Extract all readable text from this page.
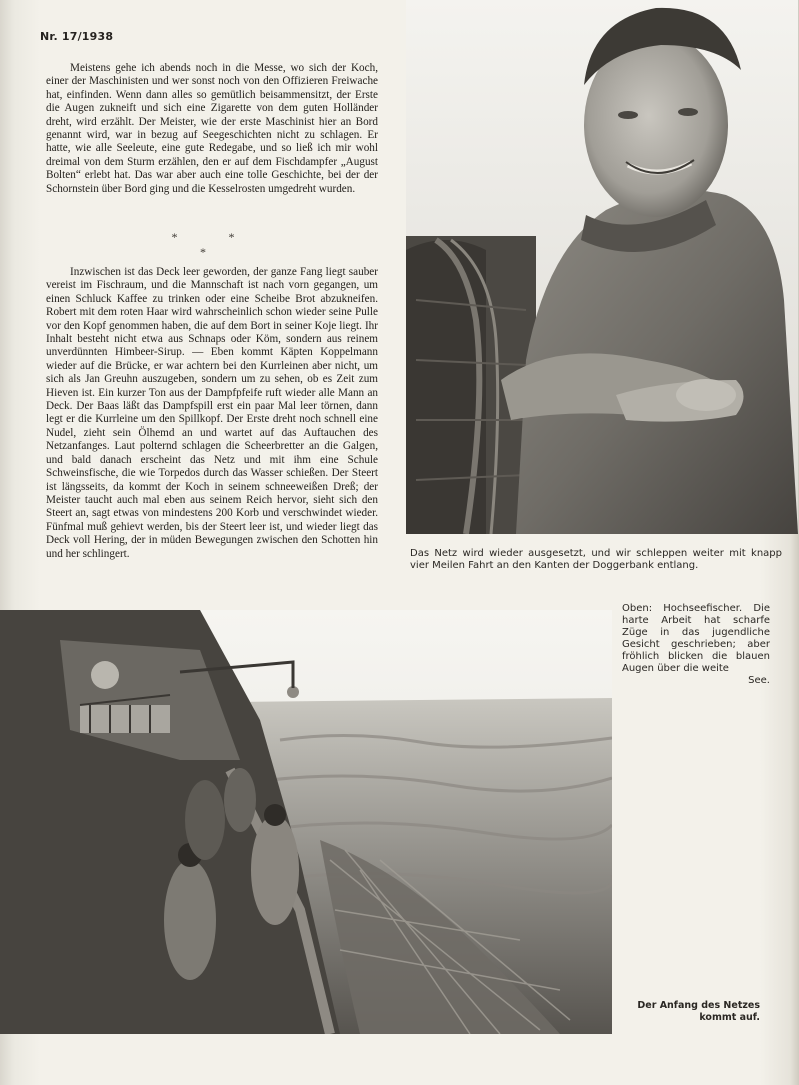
Nr. 17/1938

Meistens gehe ich abends noch in die Messe, wo sich der Koch, einer der Maschinisten und wer sonst noch von den Offizieren Freiwache hat, einfinden. Wenn dann alles so gemütlich beisammensitzt, der Erste die Augen zukneift und sich eine Zigarette von dem guten Holländer dreht, wird erzählt. Der Meister, wie der erste Maschinist hier an Bord genannt wird, war in bezug auf Seegeschichten nicht zu schlagen. Er hatte, wie alle Seeleute, eine gute Redegabe, und so ließ ich mir wohl dreimal von dem Sturm erzählen, den er auf dem Fischdampfer „August Bolten“ erlebt hat. Das war aber auch eine tolle Geschichte, bei der der Schornstein über Bord ging und die Kesselrosten umgedreht wurden.

* * *

Inzwischen ist das Deck leer geworden, der ganze Fang liegt sauber vereist im Fischraum, und die Mannschaft ist nach vorn gegangen, um einen Schluck Kaffee zu trinken oder eine Scheibe Brot abzukneifen. Robert mit dem roten Haar wird wahrscheinlich schon wieder seine Pulle vor den Kopf genommen haben, die auf dem Bort in seiner Koje liegt. Ihr Inhalt besteht nicht etwa aus Schnaps oder Köm, sondern aus reinem unverdünnten Himbeer-Sirup. — Eben kommt Käpten Koppelmann wieder auf die Brücke, er war achtern bei den Kurrleinen aber nicht, um sich als Jan Greuhn auszugeben, sondern um zu sehen, ob es Zeit zum Hieven ist. Ein kurzer Ton aus der Dampfpfeife ruft wieder alle Mann an Deck. Der Baas läßt das Dampfspill erst ein paar Mal leer törnen, dann legt er die Kurrleine um den Spillkopf. Der Erste dreht noch schnell eine Nudel, zieht sein Ölhemd an und wartet auf das Auftauchen des Netzanfanges. Laut polternd schlagen die Scheerbretter an die Galgen, und bald danach erscheint das Netz und mit ihm eine Schule Schweinsfische, die wie Torpedos durch das Wasser schießen. Der Steert ist längsseits, da kommt der Koch in seinem schneeweißen Dreß; der Meister taucht auch mal eben aus seinem Reich hervor, sieht sich den Steert an, sagt etwas von mindestens 200 Korb und verschwindet wieder. Fünfmal muß gehievt werden, bis der Steert leer ist, und wieder liegt das Deck voll Hering, der in müden Bewegungen zwischen den Schotten hin und her schlingert.	Das Netz wird wieder ausgesetzt, und wir schleppen weiter mit knapp vier Meilen Fahrt an den Kanten der Doggerbank entlang.

Oben: Hochseefischer. Die harte Arbeit hat scharfe Züge in das jugendliche Gesicht geschrieben; aber fröhlich blicken die blauen Augen über die weite
See.

Der Anfang des Netzes kommt auf.
